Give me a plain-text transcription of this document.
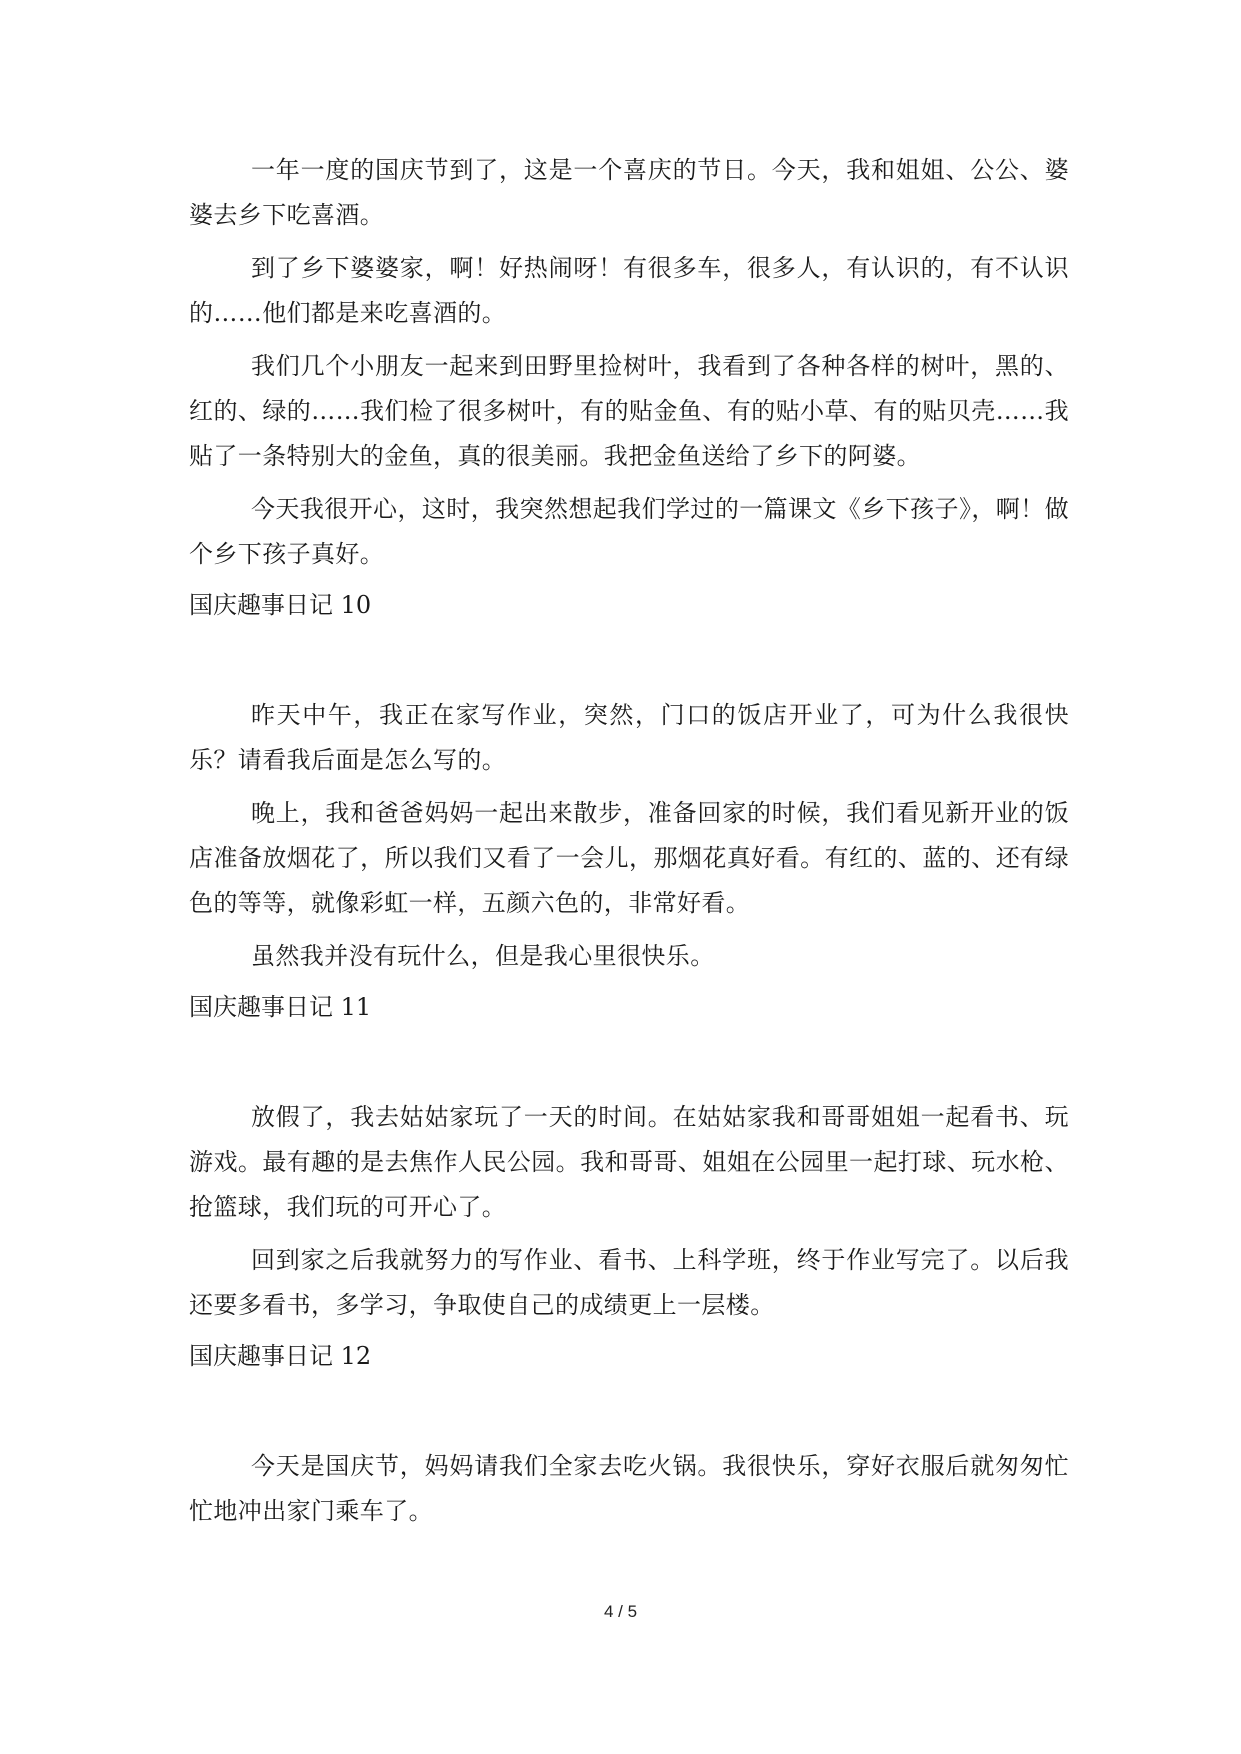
一年一度的国庆节到了，这是一个喜庆的节日。今天，我和姐姐、公公、婆婆去乡下吃喜酒。

到了乡下婆婆家，啊！好热闹呀！有很多车，很多人，有认识的，有不认识的……他们都是来吃喜酒的。

我们几个小朋友一起来到田野里捡树叶，我看到了各种各样的树叶，黑的、红的、绿的……我们检了很多树叶，有的贴金鱼、有的贴小草、有的贴贝壳……我贴了一条特别大的金鱼，真的很美丽。我把金鱼送给了乡下的阿婆。

今天我很开心，这时，我突然想起我们学过的一篇课文《乡下孩子》，啊！做个乡下孩子真好。

国庆趣事日记 10

昨天中午，我正在家写作业，突然，门口的饭店开业了，可为什么我很快乐？请看我后面是怎么写的。

晚上，我和爸爸妈妈一起出来散步，准备回家的时候，我们看见新开业的饭店准备放烟花了，所以我们又看了一会儿，那烟花真好看。有红的、蓝的、还有绿色的等等，就像彩虹一样，五颜六色的，非常好看。

虽然我并没有玩什么，但是我心里很快乐。

国庆趣事日记 11

放假了，我去姑姑家玩了一天的时间。在姑姑家我和哥哥姐姐一起看书、玩游戏。最有趣的是去焦作人民公园。我和哥哥、姐姐在公园里一起打球、玩水枪、抢篮球，我们玩的可开心了。

回到家之后我就努力的写作业、看书、上科学班，终于作业写完了。以后我还要多看书，多学习，争取使自己的成绩更上一层楼。

国庆趣事日记 12

今天是国庆节，妈妈请我们全家去吃火锅。我很快乐，穿好衣服后就匆匆忙忙地冲出家门乘车了。

4 / 5
